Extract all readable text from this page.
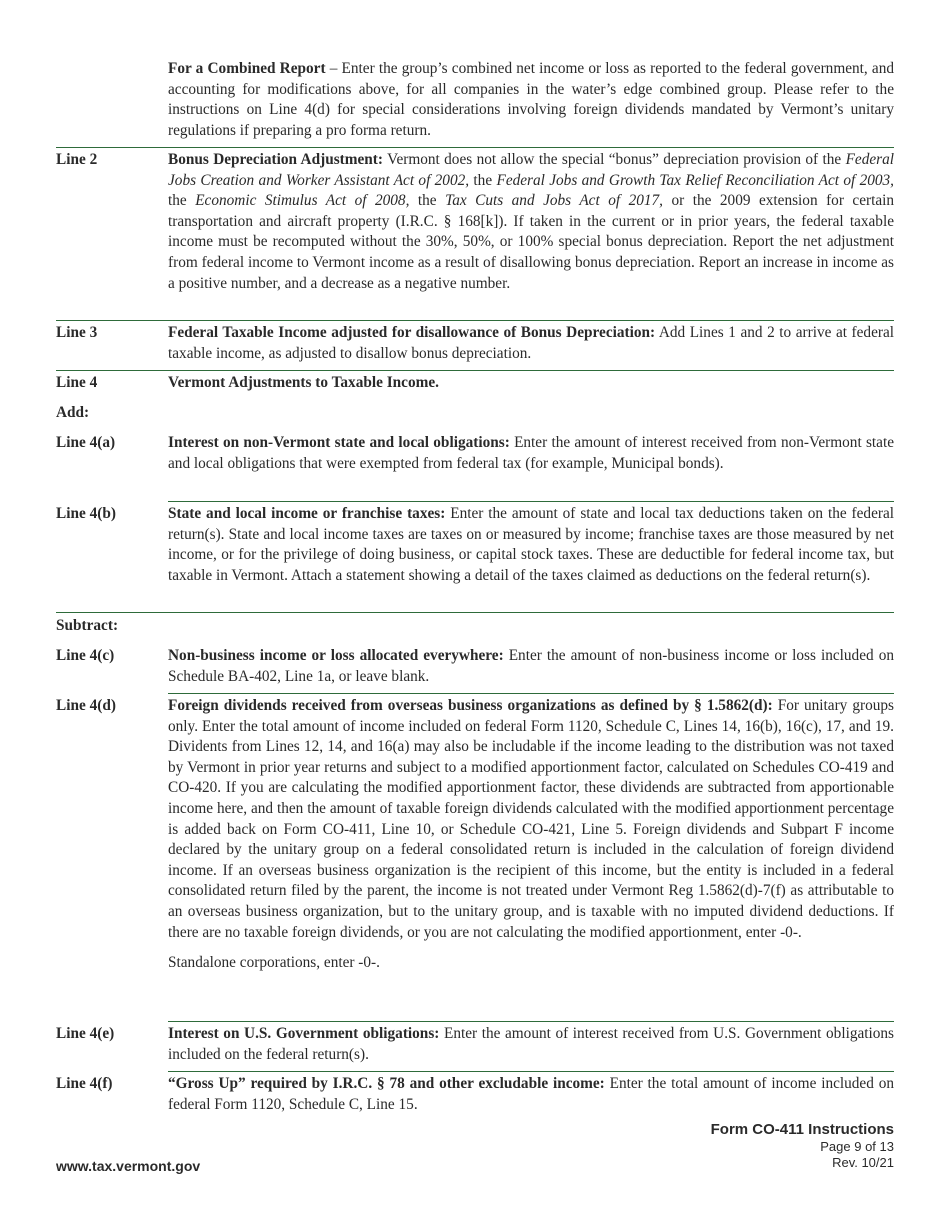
For a Combined Report – Enter the group’s combined net income or loss as reported to the federal government, and accounting for modifications above, for all companies in the water’s edge combined group. Please refer to the instructions on Line 4(d) for special considerations involving foreign dividends mandated by Vermont’s unitary regulations if preparing a pro forma return.
Line 2	Bonus Depreciation Adjustment: Vermont does not allow the special “bonus” depreciation provision of the Federal Jobs Creation and Worker Assistant Act of 2002, the Federal Jobs and Growth Tax Relief Reconciliation Act of 2003, the Economic Stimulus Act of 2008, the Tax Cuts and Jobs Act of 2017, or the 2009 extension for certain transportation and aircraft property (I.R.C. § 168[k]). If taken in the current or in prior years, the federal taxable income must be recomputed without the 30%, 50%, or 100% special bonus depreciation. Report the net adjustment from federal income to Vermont income as a result of disallowing bonus depreciation. Report an increase in income as a positive number, and a decrease as a negative number.
Line 3	Federal Taxable Income adjusted for disallowance of Bonus Depreciation: Add Lines 1 and 2 to arrive at federal taxable income, as adjusted to disallow bonus depreciation.
Line 4	Vermont Adjustments to Taxable Income.
Add:
Line 4(a)	Interest on non-Vermont state and local obligations: Enter the amount of interest received from non-Vermont state and local obligations that were exempted from federal tax (for example, Municipal bonds).
Line 4(b)	State and local income or franchise taxes: Enter the amount of state and local tax deductions taken on the federal return(s). State and local income taxes are taxes on or measured by income; franchise taxes are those measured by net income, or for the privilege of doing business, or capital stock taxes. These are deductible for federal income tax, but taxable in Vermont. Attach a statement showing a detail of the taxes claimed as deductions on the federal return(s).
Subtract:
Line 4(c)	Non-business income or loss allocated everywhere: Enter the amount of non-business income or loss included on Schedule BA-402, Line 1a, or leave blank.
Line 4(d)	Foreign dividends received from overseas business organizations as defined by § 1.5862(d): For unitary groups only. Enter the total amount of income included on federal Form 1120, Schedule C, Lines 14, 16(b), 16(c), 17, and 19. Dividents from Lines 12, 14, and 16(a) may also be includable if the income leading to the distribution was not taxed by Vermont in prior year returns and subject to a modified apportionment factor, calculated on Schedules CO-419 and CO-420. If you are calculating the modified apportionment factor, these dividends are subtracted from apportionable income here, and then the amount of taxable foreign dividends calculated with the modified apportionment percentage is added back on Form CO-411, Line 10, or Schedule CO-421, Line 5. Foreign dividends and Subpart F income declared by the unitary group on a federal consolidated return is included in the calculation of foreign dividend income. If an overseas business organization is the recipient of this income, but the entity is included in a federal consolidated return filed by the parent, the income is not treated under Vermont Reg 1.5862(d)-7(f) as attributable to an overseas business organization, but to the unitary group, and is taxable with no imputed dividend deductions. If there are no taxable foreign dividends, or you are not calculating the modified apportionment, enter -0-.
Standalone corporations, enter -0-.
Line 4(e)	Interest on U.S. Government obligations: Enter the amount of interest received from U.S. Government obligations included on the federal return(s).
Line 4(f)	“Gross Up” required by I.R.C. § 78 and other excludable income: Enter the total amount of income included on federal Form 1120, Schedule C, Line 15.
Form CO-411 Instructions
Page 9 of 13
Rev. 10/21
www.tax.vermont.gov
